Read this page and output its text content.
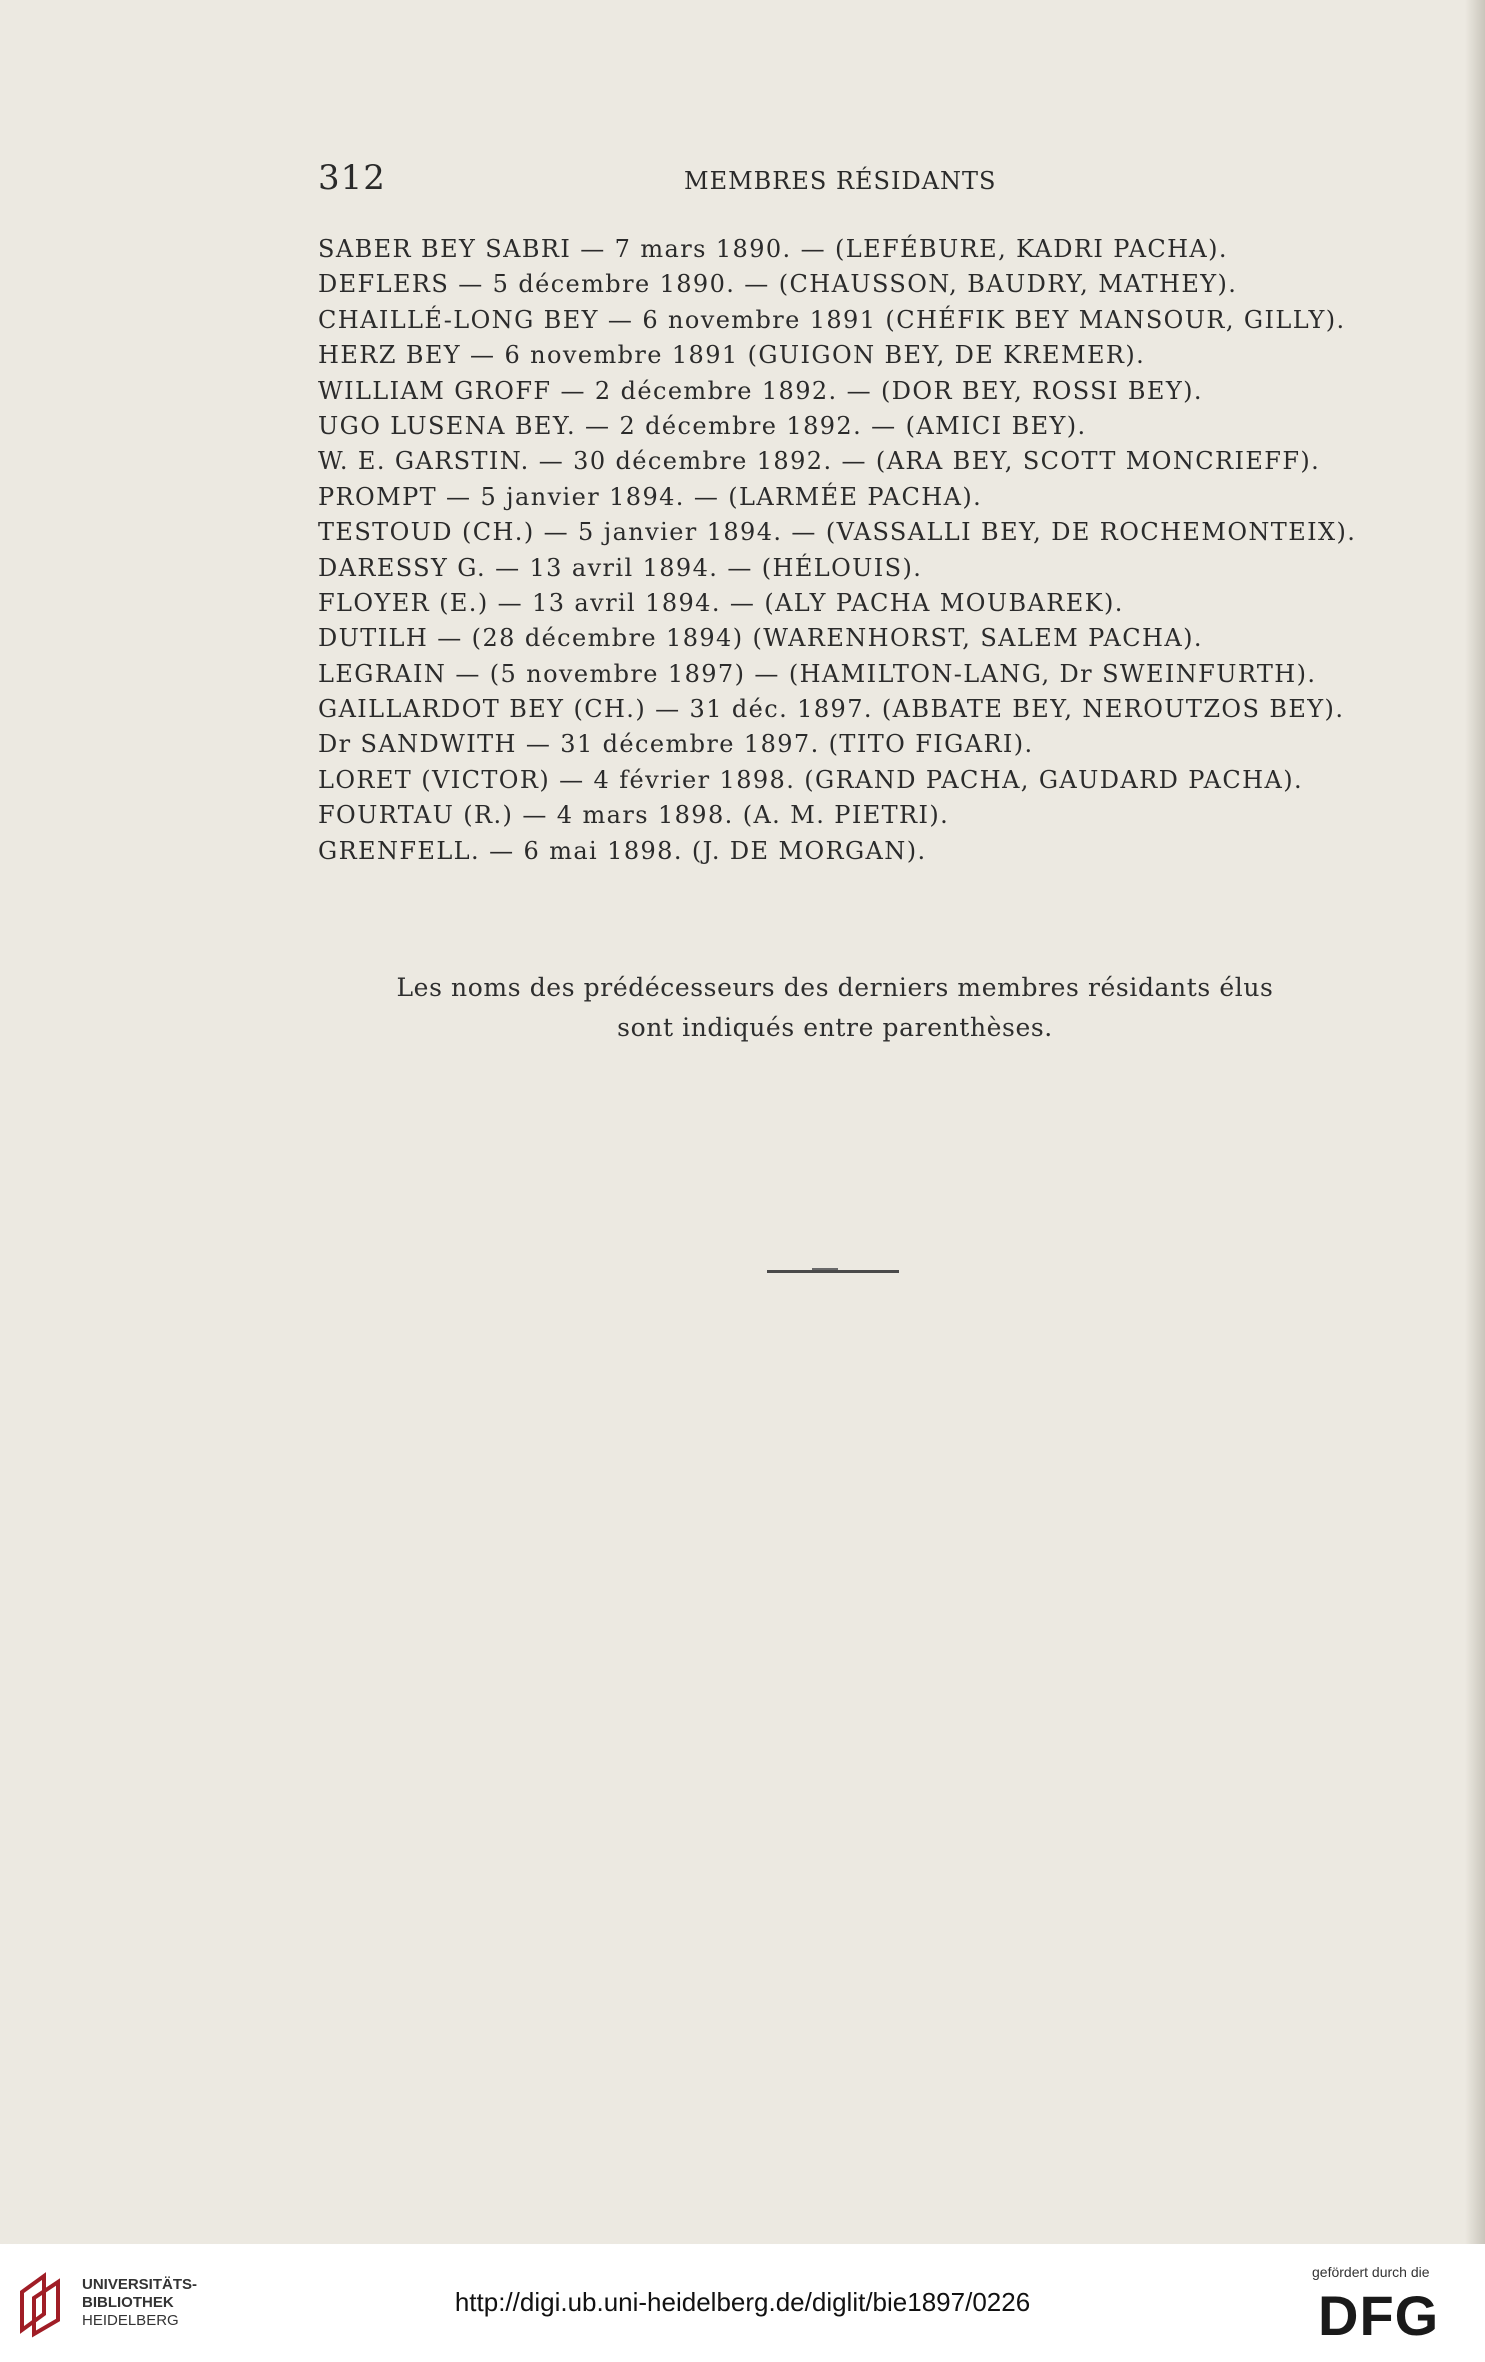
312	MEMBRES RÉSIDANTS
SABER BEY SABRI — 7 mars 1890. — (LEFÉBURE, KADRI PACHA).
DEFLERS — 5 décembre 1890. — (CHAUSSON, BAUDRY, MATHEY).
CHAILLÉ-LONG BEY — 6 novembre 1891 (CHÉFIK BEY MANSOUR, GILLY).
HERZ BEY — 6 novembre 1891 (GUIGON BEY, DE KREMER).
WILLIAM GROFF — 2 décembre 1892. — (DOR BEY, ROSSI BEY).
UGO LUSENA BEY. — 2 décembre 1892. — (AMICI BEY).
W. E. GARSTIN. — 30 décembre 1892. — (ARA BEY, SCOTT MONCRIEFF).
PROMPT — 5 janvier 1894. — (LARMÉE PACHA).
TESTOUD (CH.) — 5 janvier 1894. — (VASSALLI BEY, DE ROCHEMONTEIX).
DARESSY G. — 13 avril 1894. — (HÉLOUIS).
FLOYER (E.) — 13 avril 1894. — (ALY PACHA MOUBAREK).
DUTILH — (28 décembre 1894) (WARENHORST, SALEM PACHA).
LEGRAIN — (5 novembre 1897) — (HAMILTON-LANG, Dr SWEINFURTH).
GAILLARDOT BEY (CH.) — 31 déc. 1897. (ABBATE BEY, NEROUTZOS BEY).
Dr SANDWITH — 31 décembre 1897. (TITO FIGARI).
LORET (VICTOR) — 4 février 1898. (GRAND PACHA, GAUDARD PACHA).
FOURTAU (R.) — 4 mars 1898. (A. M. PIETRI).
GRENFELL. — 6 mai 1898. (J. DE MORGAN).
Les noms des prédécesseurs des derniers membres résidants élus
sont indiqués entre parenthèses.
UNIVERSITÄTS-
BIBLIOTHEK
HEIDELBERG
http://digi.ub.uni-heidelberg.de/diglit/bie1897/0226
gefördert durch die
DFG
